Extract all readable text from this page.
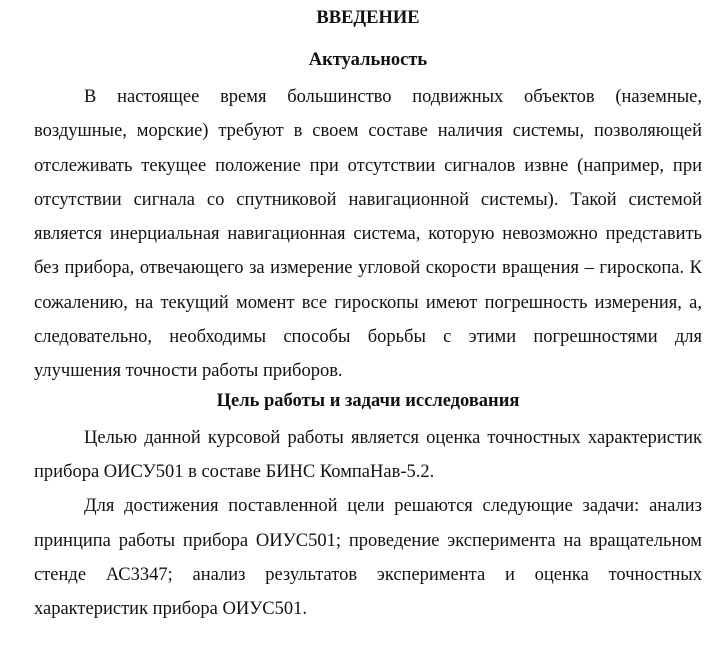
ВВЕДЕНИЕ
Актуальность

В настоящее время большинство подвижных объектов (наземные, воздушные, морские) требуют в своем составе наличия системы, позволяющей отслеживать текущее положение при отсутствии сигналов извне (например, при отсутствии сигнала со спутниковой навигационной системы). Такой системой является инерциальная навигационная система, которую невозможно представить без прибора, отвечающего за измерение угловой скорости вращения – гироскопа. К сожалению, на текущий момент все гироскопы имеют погрешность измерения, а, следовательно, необходимы способы борьбы с этими погрешностями для улучшения точности работы приборов.

Цель работы и задачи исследования

Целью данной курсовой работы является оценка точностных характеристик прибора ОИСУ501 в составе БИНС КомпаНав-5.2.

Для достижения поставленной цели решаются следующие задачи: анализ принципа работы прибора ОИУС501; проведение эксперимента на вращательном стенде АС3347; анализ результатов эксперимента и оценка точностных характеристик прибора ОИУС501.
